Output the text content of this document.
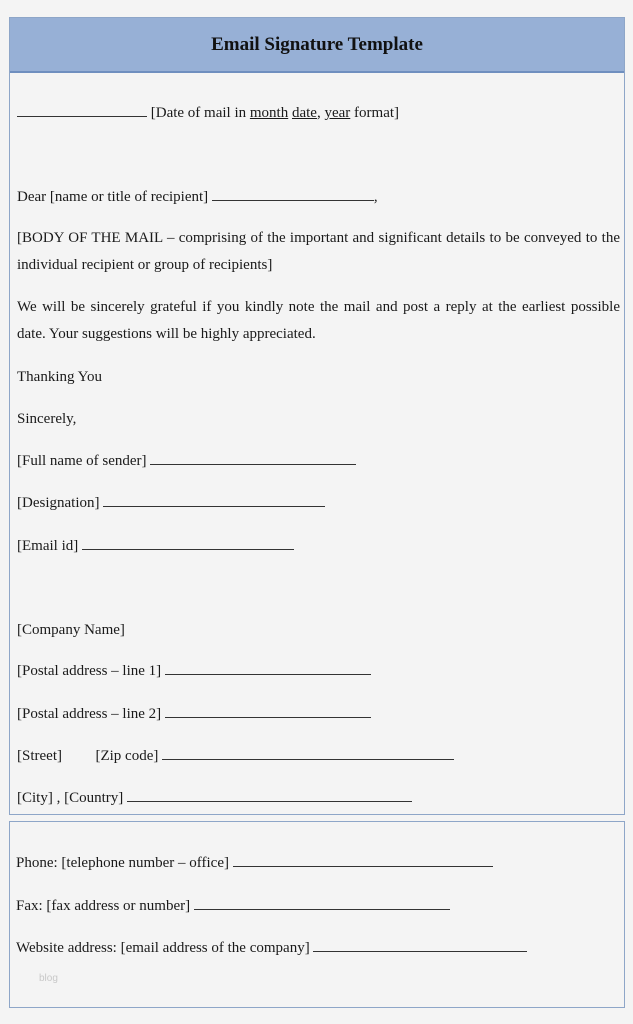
Email Signature Template
[Date of mail in month date, year format]
Dear [name or title of recipient]	,
[BODY OF THE MAIL – comprising of the important and significant details to be conveyed to the individual recipient or group of recipients]
We will be sincerely grateful if you kindly note the mail and post a reply at the earliest possible date. Your suggestions will be highly appreciated.
Thanking You
Sincerely,
[Full name of sender]
[Designation]
[Email id]
[Company Name]
[Postal address – line 1]
[Postal address – line 2]
[Street] [Zip code]
[City] , [Country]
Phone: [telephone number – office]
Fax: [fax address or number]
Website address: [email address of the company]
blog
